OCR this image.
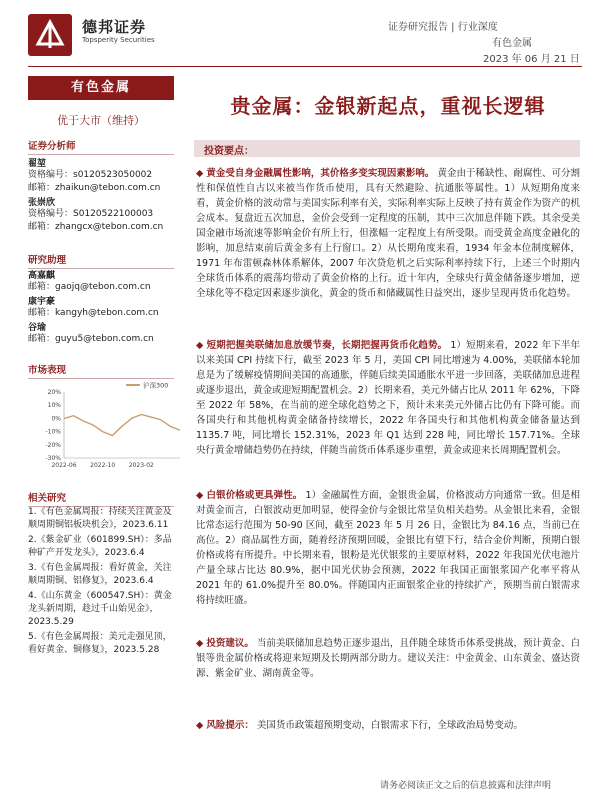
德邦证券
Topsperity Securities
证券研究报告 | 行业深度
有色金属
2023 年 06 月 21 日
有色金属
优于大市（维持）
证券分析师
翟堃
资格编号：s0120523050002
邮箱：zhaikun@tebon.com.cn
张崇欣
资格编号：S0120522100003
邮箱：zhangcx@tebon.com.cn
研究助理
高嘉麒
邮箱：gaojq@tebon.com.cn
康宇豪
邮箱：kangyh@tebon.com.cn
谷瑜
邮箱：guyu5@tebon.com.cn
市场表现
20%
10%
0%
-10%
-20%
-30%
2022-06 2022-10 2023-02
沪深300
相关研究
1.《有色金属周报：持续关注黄金及顺周期铜铝板块机会》，2023.6.11
2.《紫金矿业（601899.SH）：多品种矿产开发龙头》，2023.6.4
3.《有色金属周报：看好黄金，关注顺周期铜、铝修复》，2023.6.4
4.《山东黄金（600547.SH）：黄金龙头新周期，趁过千山始见金》，2023.5.29
5.《有色金属周报：美元走强见顶，看好黄金、铜修复》，2023.5.28
贵金属：金银新起点，重视长逻辑
投资要点：
◆ 黄金受自身金融属性影响，其价格多变实现因素影响。 黄金由于稀缺性、耐腐性、可分割性和保值性自古以来被当作货币使用，具有天然避险、抗通胀等属性。1）从短期角度来看，黄金价格的波动常与美国实际利率有关，实际利率实际上反映了持有黄金作为资产的机会成本。复盘近五次加息，金价会受到一定程度的压制，其中三次加息伴随下跌。其余受美国金融市场流速等影响金价有所上行，但涨幅一定程度上有所受限。而受黄金高度金融化的影响，加息结束前后黄金多有上行窗口。2）从长期角度来看，1934 年金本位制度解体，1971 年布雷顿森林体系解体，2007 年次贷危机之后实际利率持续下行，上述三个时期内全球货币体系的震荡均带动了黄金价格的上行。近十年内，全球央行黄金储备逐步增加，逆全球化等不稳定因素逐步演化，黄金的货币和储藏属性日益突出，逐步呈现再货币化趋势。
◆ 短期把握美联储加息放缓节奏，长期把握再货币化趋势。 1）短期来看，2022 年下半年以来美国 CPI 持续下行，截至 2023 年 5 月，美国 CPI 同比增速为 4.00%，美联储本轮加息是为了缓解疫情期间美国的高通胀，伴随后续美国通胀水平进一步回落，美联储加息进程或逐步退出，黄金或迎短期配置机会。2）长期来看，美元外储占比从 2011 年 62%，下降至 2022 年 58%，在当前的逆全球化趋势之下，预计未来美元外储占比仍有下降可能。而各国央行和其他机构黄金储备持续增长，2022 年各国央行和其他机构黄金储备量达到 1135.7 吨，同比增长 152.31%，2023 年 Q1 达到 228 吨，同比增长 157.71%。全球央行黄金增储趋势仍在持续，伴随当前货币体系逐步重塑，黄金或迎来长周期配置机会。
◆ 白银价格或更具弹性。 1）金融属性方面，金银贵金属，价格波动方向通常一致。但是相对黄金而言，白银波动更加明显，使得金价与金银比常呈负相关趋势。从金银比来看，金银比常态运行范围为 50-90 区间，截至 2023 年 5 月 26 日，金银比为 84.16 点，当前已在高位。2）商品属性方面，随着经济预期回暖，金银比有望下行，结合金价判断，预期白银价格或将有所提升。中长期来看，银粉是光伏银浆的主要原材料，2022 年我国光伏电池片产量全球占比达 80.9%，据中国光伏协会预测，2022 年我国正面银浆国产化率平将从 2021 年的 61.0%提升至 80.0%。伴随国内正面银浆企业的持续扩产，预期当前白银需求将持续旺盛。
◆ 投资建议。 当前美联储加息趋势正逐步退出，且伴随全球货币体系受挑战，预计黄金、白银等贵金属价格或将迎来短期及长期两部分助力。建议关注：中金黄金、山东黄金、盛达资源、紫金矿业、湖南黄金等。
◆ 风险提示： 美国货币政策超预期变动，白银需求下行，全球政治局势变动。
请务必阅读正文之后的信息披露和法律声明
